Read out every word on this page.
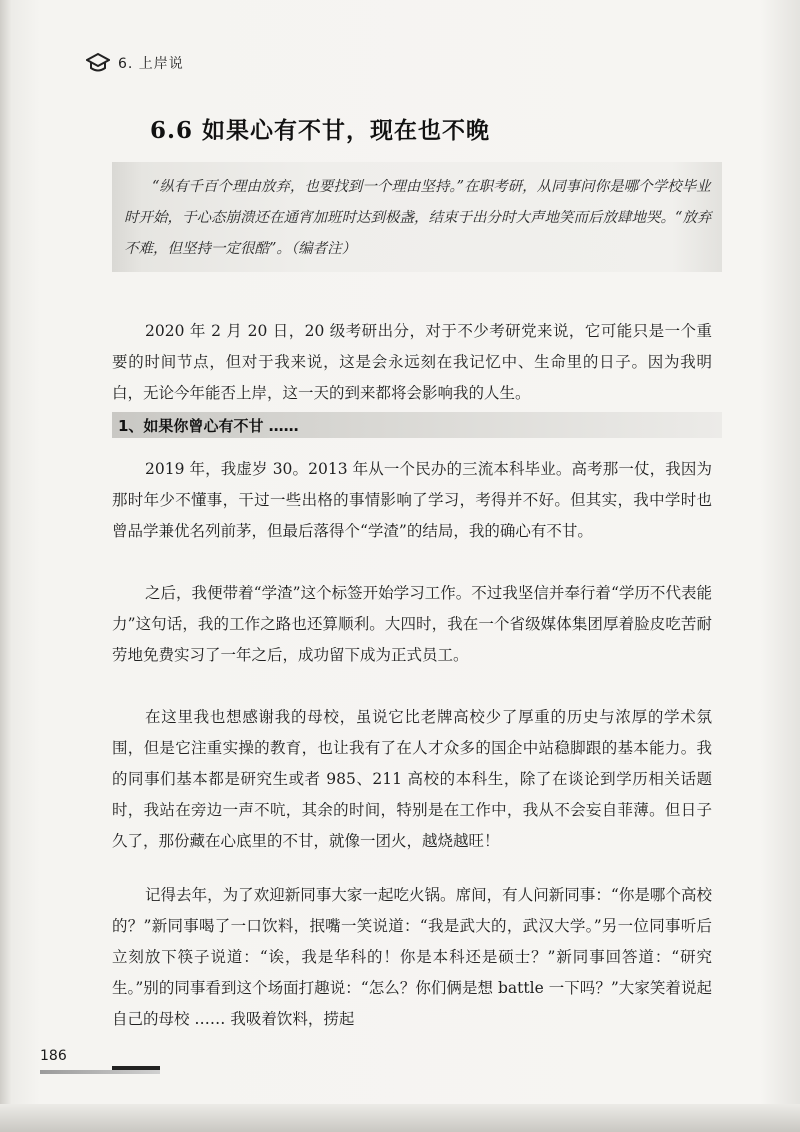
6. 上岸说
6.6 如果心有不甘，现在也不晚
“纵有千百个理由放弃，也要找到一个理由坚持。”在职考研，从同事问你是哪个学校毕业时开始，于心态崩溃还在通宵加班时达到极盏，结束于出分时大声地笑而后放肆地哭。“放弃不难，但坚持一定很酷”。（编者注）

2020 年 2 月 20 日，20 级考研出分，对于不少考研党来说，它可能只是一个重要的时间节点，但对于我来说，这是会永远刻在我记忆中、生命里的日子。因为我明白，无论今年能否上岸，这一天的到来都将会影响我的人生。

1、如果你曾心有不甘 ……

2019 年，我虚岁 30。2013 年从一个民办的三流本科毕业。高考那一仗，我因为那时年少不懂事，干过一些出格的事情影响了学习，考得并不好。但其实，我中学时也曾品学兼优名列前茅，但最后落得个“学渣”的结局，我的确心有不甘。

之后，我便带着“学渣”这个标签开始学习工作。不过我坚信并奉行着“学历不代表能力”这句话，我的工作之路也还算顺利。大四时，我在一个省级媒体集团厚着脸皮吃苦耐劳地免费实习了一年之后，成功留下成为正式员工。

在这里我也想感谢我的母校，虽说它比老牌高校少了厚重的历史与浓厚的学术氛围，但是它注重实操的教育，也让我有了在人才众多的国企中站稳脚跟的基本能力。我的同事们基本都是研究生或者 985、211 高校的本科生，除了在谈论到学历相关话题时，我站在旁边一声不吭，其余的时间，特别是在工作中，我从不会妄自菲薄。但日子久了，那份藏在心底里的不甘，就像一团火，越烧越旺！

记得去年，为了欢迎新同事大家一起吃火锅。席间，有人问新同事：“你是哪个高校的？”新同事喝了一口饮料，抿嘴一笑说道：“我是武大的，武汉大学。”另一位同事听后立刻放下筷子说道：“诶，我是华科的！你是本科还是硕士？”新同事回答道：“研究生。”别的同事看到这个场面打趣说：“怎么？你们俩是想 battle 一下吗？”大家笑着说起自己的母校 …… 我吸着饮料，捞起

186
